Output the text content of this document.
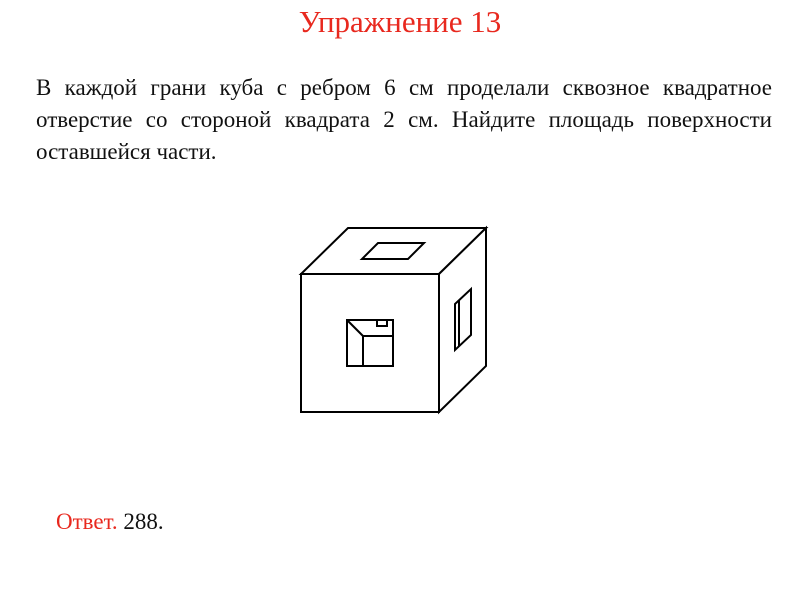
Упражнение 13
В каждой грани куба с ребром 6 см проделали сквозное квадратное отверстие со стороной квадрата 2 см. Найдите площадь поверхности оставшейся части.
Ответ. 288.
